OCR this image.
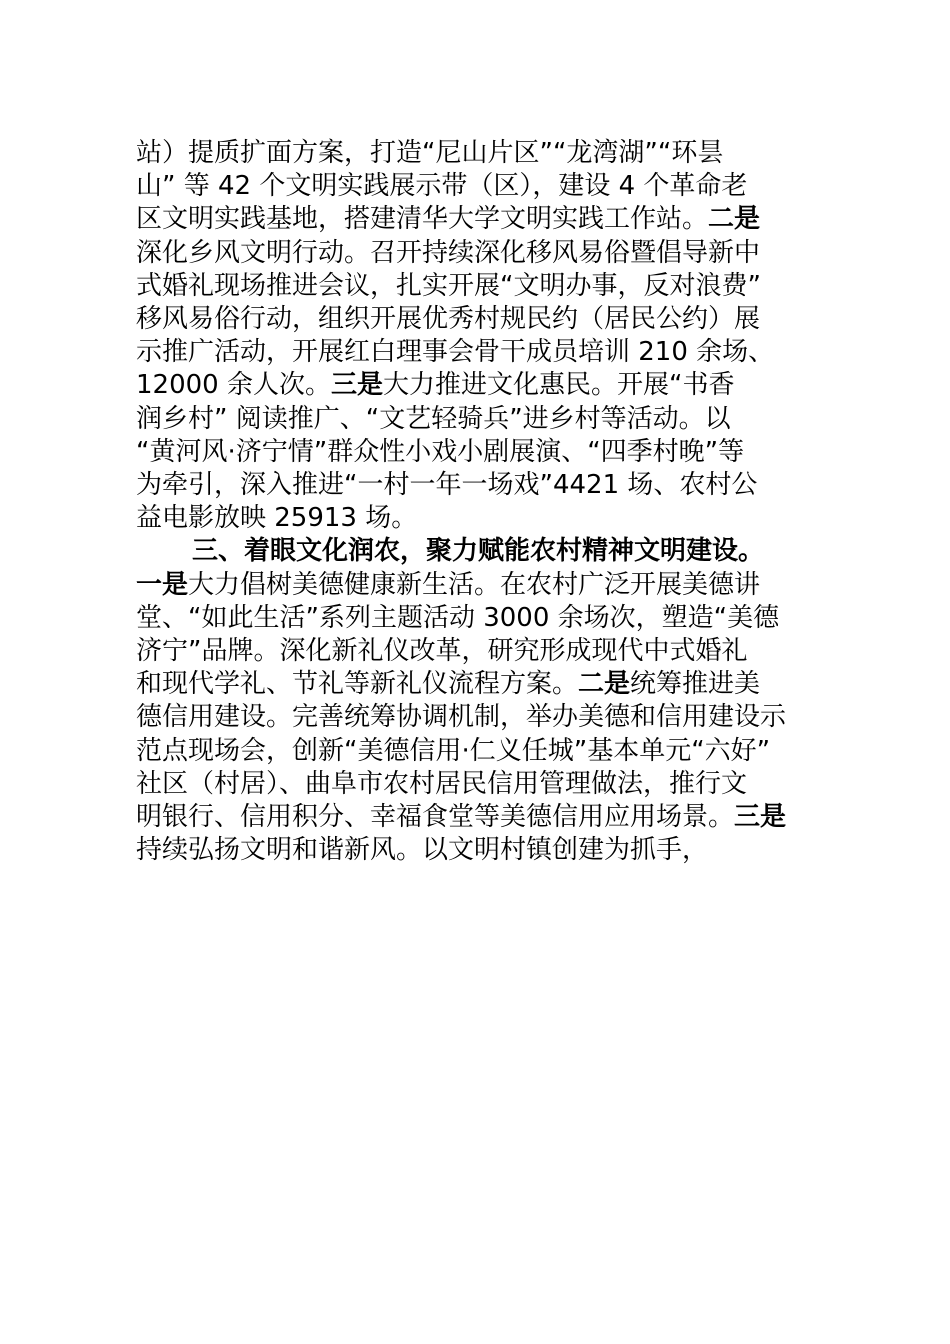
站）提质扩面方案，打造“尼山片区”“龙湾湖”“环昙
山” 等 42 个文明实践展示带（区），建设 4 个革命老
区文明实践基地，搭建清华大学文明实践工作站。二是
深化乡风文明行动。召开持续深化移风易俗暨倡导新中
式婚礼现场推进会议，扎实开展“文明办事，反对浪费”
移风易俗行动，组织开展优秀村规民约（居民公约）展
示推广活动，开展红白理事会骨干成员培训 210 余场、
12000 余人次。三是大力推进文化惠民。开展“书香
润乡村” 阅读推广、“文艺轻骑兵”进乡村等活动。以
“黄河风·济宁情”群众性小戏小剧展演、“四季村晚”等
为牵引，深入推进“一村一年一场戏”4421 场、农村公
益电影放映 25913 场。
三、着眼文化润农，聚力赋能农村精神文明建设。
一是大力倡树美德健康新生活。在农村广泛开展美德讲
堂、“如此生活”系列主题活动 3000 余场次，塑造“美德
济宁”品牌。深化新礼仪改革，研究形成现代中式婚礼
和现代学礼、节礼等新礼仪流程方案。二是统筹推进美
德信用建设。完善统筹协调机制，举办美德和信用建设示
范点现场会，创新“美德信用·仁义任城”基本单元“六好”
社区（村居）、曲阜市农村居民信用管理做法，推行文
明银行、信用积分、幸福食堂等美德信用应用场景。三是
持续弘扬文明和谐新风。以文明村镇创建为抓手，
